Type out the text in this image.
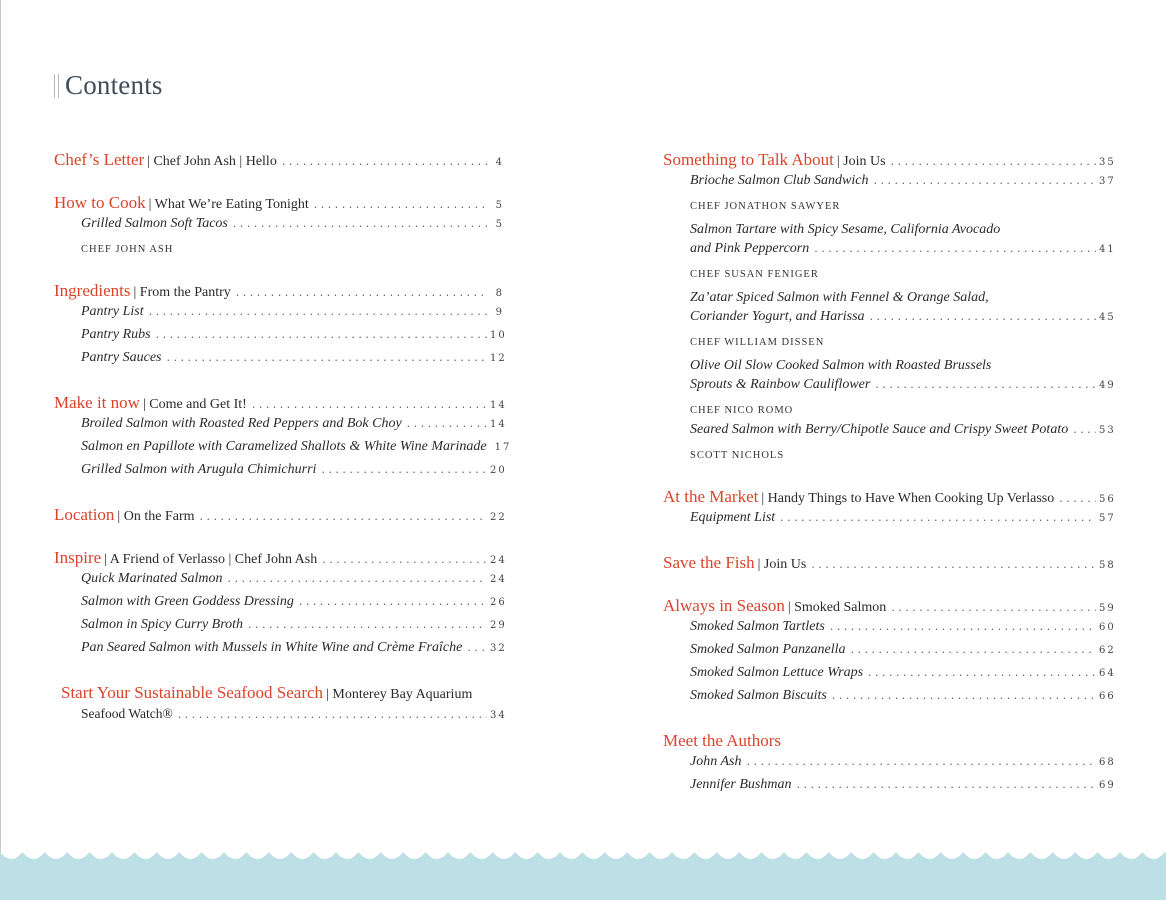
Contents
Chef’s Letter | Chef John Ash | Hello . . .	4
How to Cook | What We’re Eating Tonight . . .	5
Grilled Salmon Soft Tacos . . .	5
CHEF JOHN ASH
Ingredients | From the Pantry . . .	8
Pantry List . . .	9
Pantry Rubs . . .	10
Pantry Sauces . . .	12
Make it now | Come and Get It! . . .	14
Broiled Salmon with Roasted Red Peppers and Bok Choy . . .	14
Salmon en Papillote with Caramelized Shallots & White Wine Marinade 17
Grilled Salmon with Arugula Chimichurri . . .	20
Location | On the Farm . . .	22
Inspire | A Friend of Verlasso | Chef John Ash . . .	24
Quick Marinated Salmon . . .	24
Salmon with Green Goddess Dressing . . .	26
Salmon in Spicy Curry Broth . . .	29
Pan Seared Salmon with Mussels in White Wine and Crème Fraîche . . .	32
Start Your Sustainable Seafood Search | Monterey Bay Aquarium
Seafood Watch® . . .	34
Something to Talk About | Join Us . . .	35
Brioche Salmon Club Sandwich . . .	37
CHEF JONATHON SAWYER
Salmon Tartare with Spicy Sesame, California Avocado
and Pink Peppercorn . . .	41
CHEF SUSAN FENIGER
Za’atar Spiced Salmon with Fennel & Orange Salad,
Coriander Yogurt, and Harissa . . .	45
CHEF WILLIAM DISSEN
Olive Oil Slow Cooked Salmon with Roasted Brussels
Sprouts & Rainbow Cauliflower . . .	49
CHEF NICO ROMO
Seared Salmon with Berry/Chipotle Sauce and Crispy Sweet Potato . . .	53
SCOTT NICHOLS
At the Market | Handy Things to Have When Cooking Up Verlasso . . .	56
Equipment List . . .	57
Save the Fish | Join Us . . .	58
Always in Season | Smoked Salmon . . .	59
Smoked Salmon Tartlets . . .	60
Smoked Salmon Panzanella . . .	62
Smoked Salmon Lettuce Wraps . . .	64
Smoked Salmon Biscuits . . .	66
Meet the Authors
John Ash . . .	68
Jennifer Bushman . . .	69
